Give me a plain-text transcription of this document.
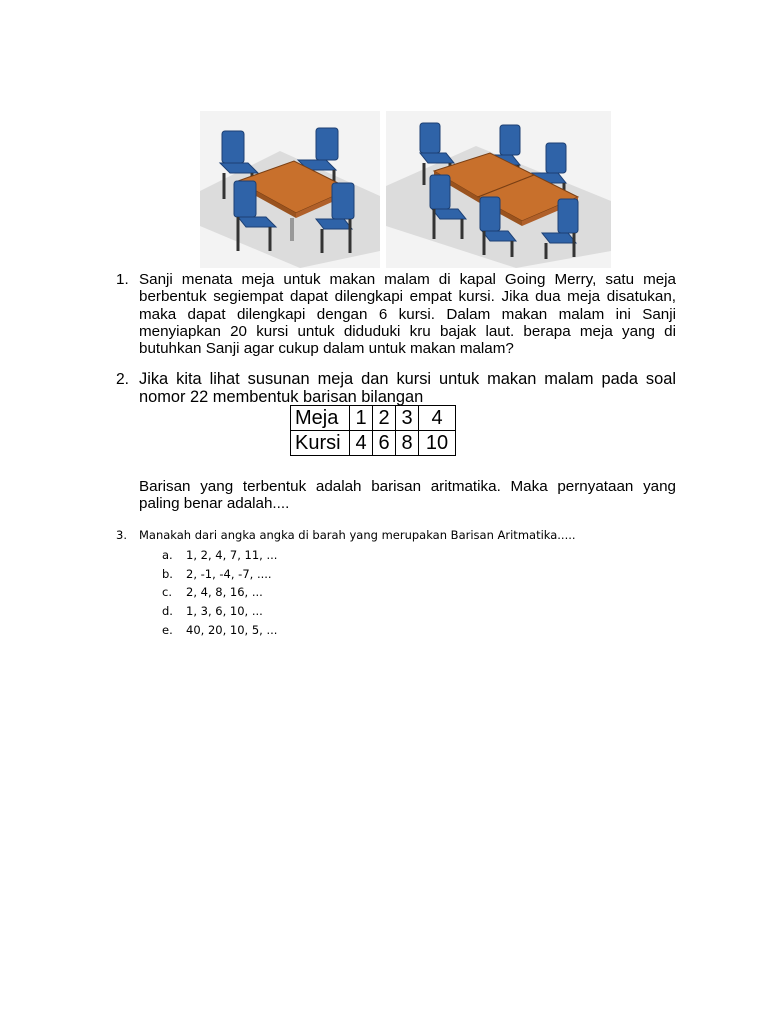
1. Sanji menata meja untuk makan malam di kapal Going Merry, satu meja berbentuk segiempat dapat dilengkapi empat kursi. Jika dua meja disatukan, maka dapat dilengkapi dengan 6 kursi. Dalam makan malam ini Sanji menyiapkan 20 kursi untuk diduduki kru bajak laut. berapa meja yang di butuhkan Sanji agar cukup dalam untuk makan malam?
2. Jika kita lihat susunan meja dan kursi untuk makan malam pada soal nomor 22 membentuk barisan bilangan
Meja	1	2	3	4
Kursi	4	6	8	10
Barisan yang terbentuk adalah barisan aritmatika. Maka pernyataan yang paling benar adalah....
3. Manakah dari angka angka di barah yang merupakan Barisan Aritmatika.....
a. 1, 2, 4, 7, 11, ...
b. 2, -1, -4, -7, ....
c. 2, 4, 8, 16, ...
d. 1, 3, 6, 10, ...
e. 40, 20, 10, 5, ...
